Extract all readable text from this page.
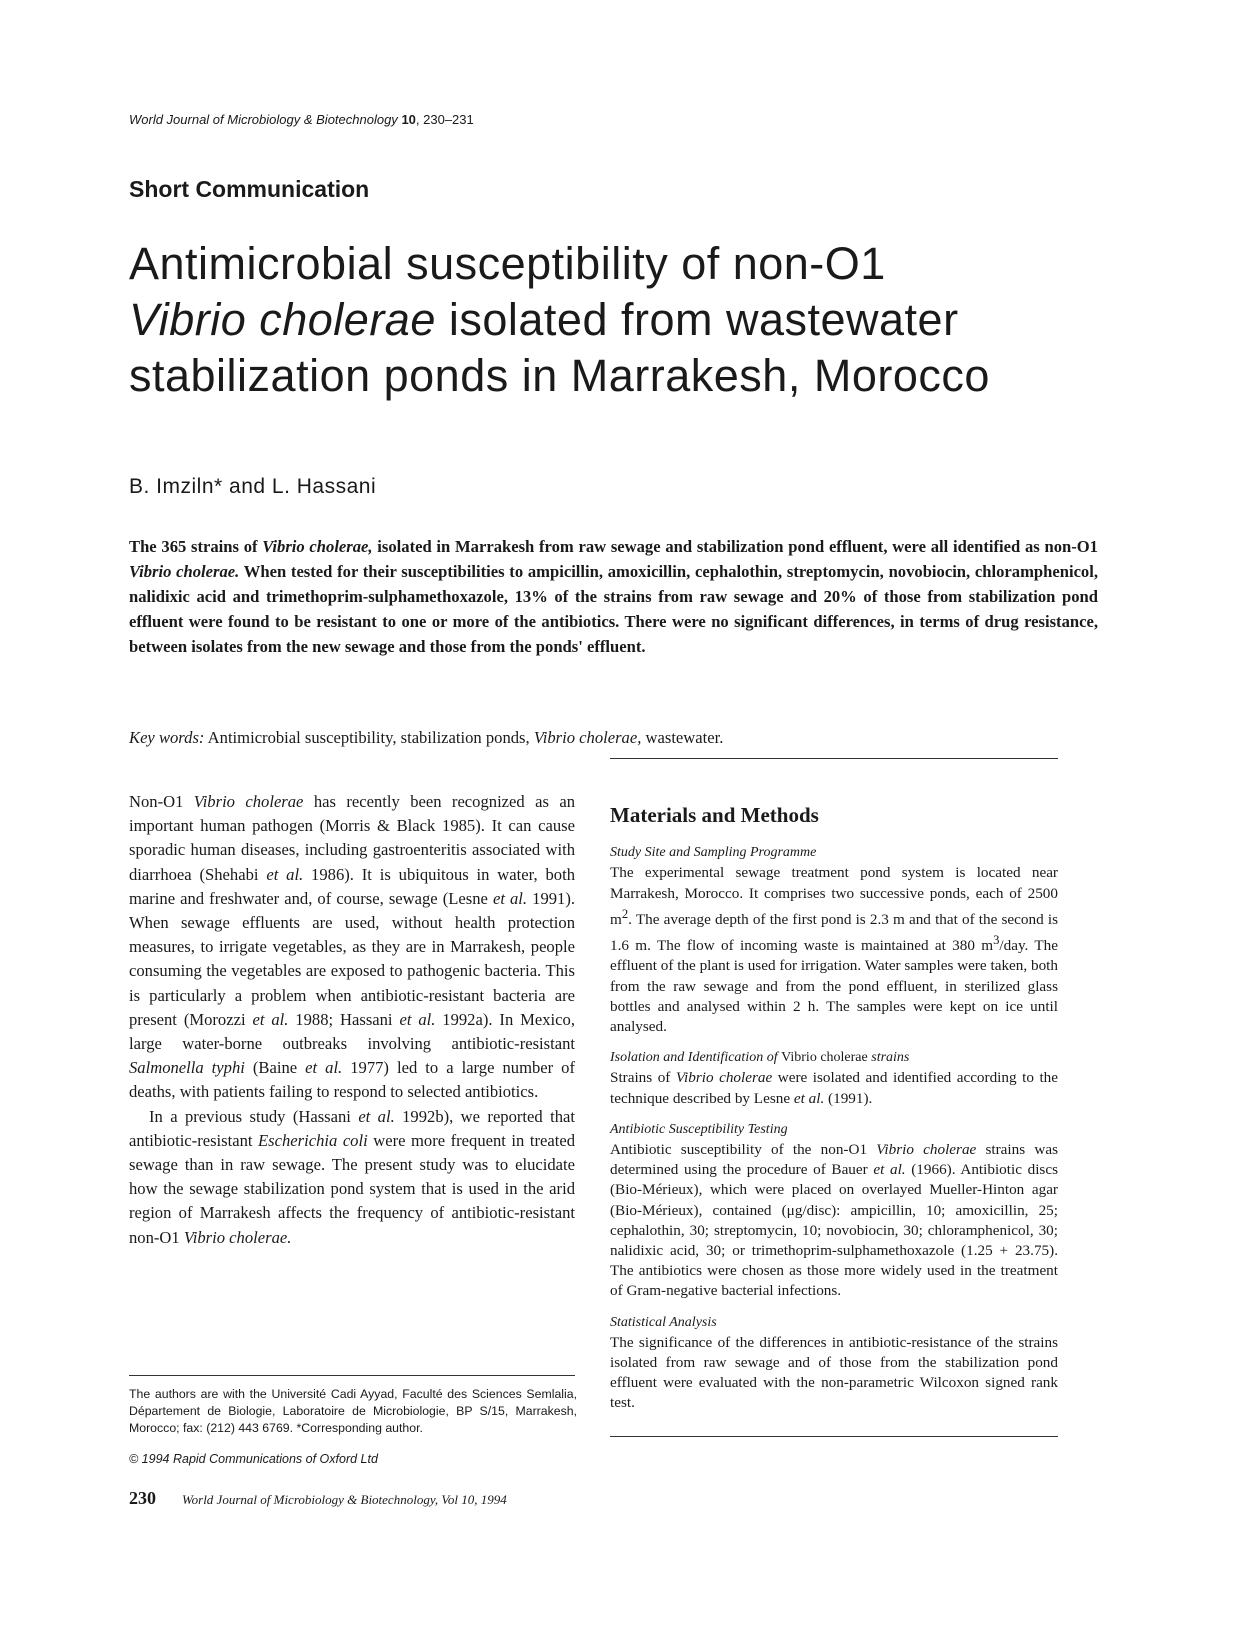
World Journal of Microbiology & Biotechnology 10, 230–231
Short Communication
Antimicrobial susceptibility of non-O1
Vibrio cholerae isolated from wastewater
stabilization ponds in Marrakesh, Morocco
B. Imziln* and L. Hassani
The 365 strains of Vibrio cholerae, isolated in Marrakesh from raw sewage and stabilization pond effluent, were all identified as non-O1 Vibrio cholerae. When tested for their susceptibilities to ampicillin, amoxicillin, cephalothin, streptomycin, novobiocin, chloramphenicol, nalidixic acid and trimethoprim-sulphamethoxazole, 13% of the strains from raw sewage and 20% of those from stabilization pond effluent were found to be resistant to one or more of the antibiotics. There were no significant differences, in terms of drug resistance, between isolates from the new sewage and those from the ponds' effluent.
Key words: Antimicrobial susceptibility, stabilization ponds, Vibrio cholerae, wastewater.

Non-O1 Vibrio cholerae has recently been recognized as an important human pathogen (Morris & Black 1985). It can cause sporadic human diseases, including gastroenteritis associated with diarrhoea (Shehabi et al. 1986). It is ubiquitous in water, both marine and freshwater and, of course, sewage (Lesne et al. 1991). When sewage effluents are used, without health protection measures, to irrigate vegetables, as they are in Marrakesh, people consuming the vegetables are exposed to pathogenic bacteria. This is particularly a problem when antibiotic-resistant bacteria are present (Morozzi et al. 1988; Hassani et al. 1992a). In Mexico, large water-borne outbreaks involving antibiotic-resistant Salmonella typhi (Baine et al. 1977) led to a large number of deaths, with patients failing to respond to selected antibiotics.

In a previous study (Hassani et al. 1992b), we reported that antibiotic-resistant Escherichia coli were more frequent in treated sewage than in raw sewage. The present study was to elucidate how the sewage stabilization pond system that is used in the arid region of Marrakesh affects the frequency of antibiotic-resistant non-O1 Vibrio cholerae.

Materials and Methods
Study Site and Sampling Programme

The experimental sewage treatment pond system is located near Marrakesh, Morocco. It comprises two successive ponds, each of 2500 $m^2$. The average depth of the first pond is 2.3 m and that of the second is 1.6 m. The flow of incoming waste is maintained at 380 $m^3$/day. The effluent of the plant is used for irrigation. Water samples were taken, both from the raw sewage and from the pond effluent, in sterilized glass bottles and analysed within 2 h. The samples were kept on ice until analysed.

Isolation and Identification of Vibrio cholerae strains

Strains of Vibrio cholerae were isolated and identified according to the technique described by Lesne et al. (1991).

Antibiotic Susceptibility Testing

Antibiotic susceptibility of the non-O1 Vibrio cholerae strains was determined using the procedure of Bauer et al. (1966). Antibiotic discs (Bio-Mérieux), which were placed on overlayed Mueller-Hinton agar (Bio-Mérieux), contained (μg/disc): ampicillin, 10; amoxicillin, 25; cephalothin, 30; streptomycin, 10; novobiocin, 30; chloramphenicol, 30; nalidixic acid, 30; or trimethoprim-sulphamethoxazole (1.25 + 23.75). The antibiotics were chosen as those more widely used in the treatment of Gram-negative bacterial infections.

Statistical Analysis

The significance of the differences in antibiotic-resistance of the strains isolated from raw sewage and of those from the stabilization pond effluent were evaluated with the non-parametric Wilcoxon signed rank test.

The authors are with the Université Cadi Ayyad, Faculté des Sciences Semlalia, Département de Biologie, Laboratoire de Microbiologie, BP S/15, Marrakesh, Morocco; fax: (212) 443 6769. *Corresponding author.
© 1994 Rapid Communications of Oxford Ltd
230 World Journal of Microbiology & Biotechnology, Vol 10, 1994
